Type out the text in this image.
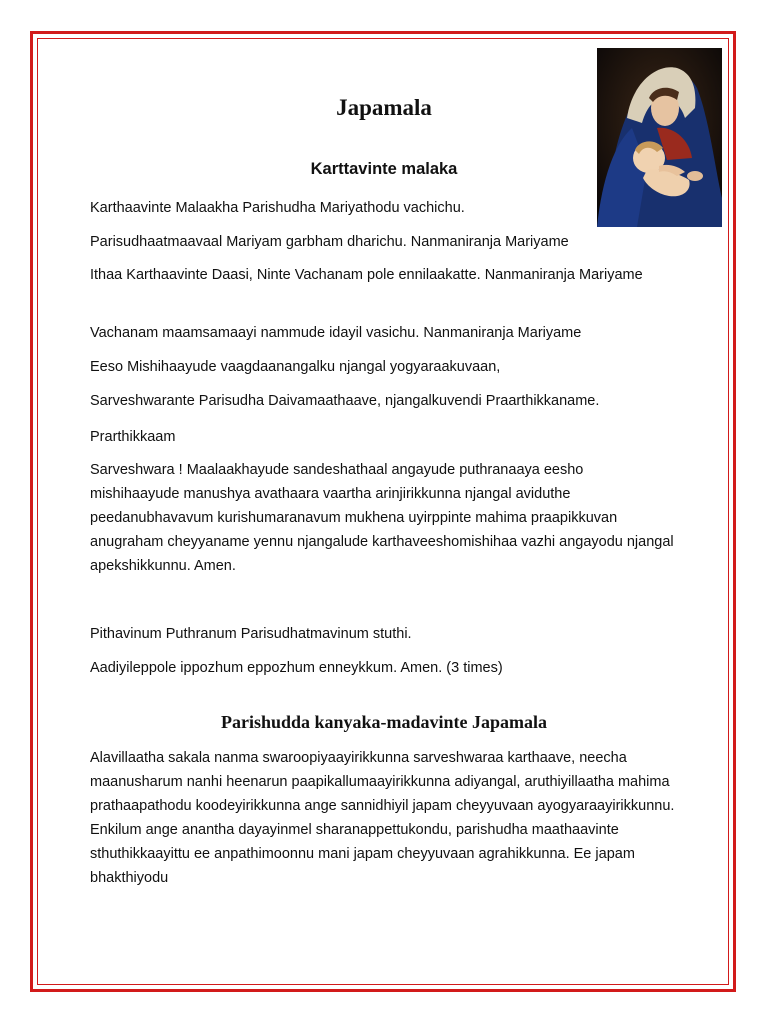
Japamala
Karttavinte malaka

Karthaavinte Malaakha Parishudha Mariyathodu vachichu.

Parisudhaatmaavaal Mariyam garbham dharichu. Nanmaniranja Mariyame

Ithaa Karthaavinte Daasi, Ninte Vachanam pole ennilaakatte. Nanmaniranja Mariyame

Vachanam maamsamaayi nammude idayil vasichu. Nanmaniranja Mariyame

Eeso Mishihaayude vaagdaanangalku njangal yogyaraakuvaan,

Sarveshwarante Parisudha Daivamaathaave, njangalkuvendi Praarthikkaname.

Prarthikkaam

Sarveshwara ! Maalaakhayude sandeshathaal angayude puthranaaya eesho mishihaayude manushya avathaara vaartha arinjirikkunna njangal aviduthe peedanubhavavum kurishumaranavum mukhena uyirppinte mahima praapikkuvan anugraham cheyyaname yennu njangalude karthaveeshomishihaa vazhi angayodu njangal apekshikkunnu. Amen.

Pithavinum Puthranum Parisudhatmavinum stuthi.

Aadiyileppole ippozhum eppozhum enneykkum. Amen. (3 times)

Parishudda kanyaka-madavinte Japamala

Alavillaatha sakala nanma swaroopiyaayirikkunna sarveshwaraa karthaave, neecha maanusharum nanhi heenarun paapikallumaayirikkunna adiyangal, aruthiyillaatha mahima prathaapathodu koodeyirikkunna ange sannidhiyil japam cheyyuvaan ayogyaraayirikkunnu. Enkilum ange anantha dayayinmel sharanappettukondu, parishudha maathaavinte sthuthikkaayittu ee anpathimoonnu mani japam cheyyuvaan agrahikkunna. Ee japam bhakthiyodu
